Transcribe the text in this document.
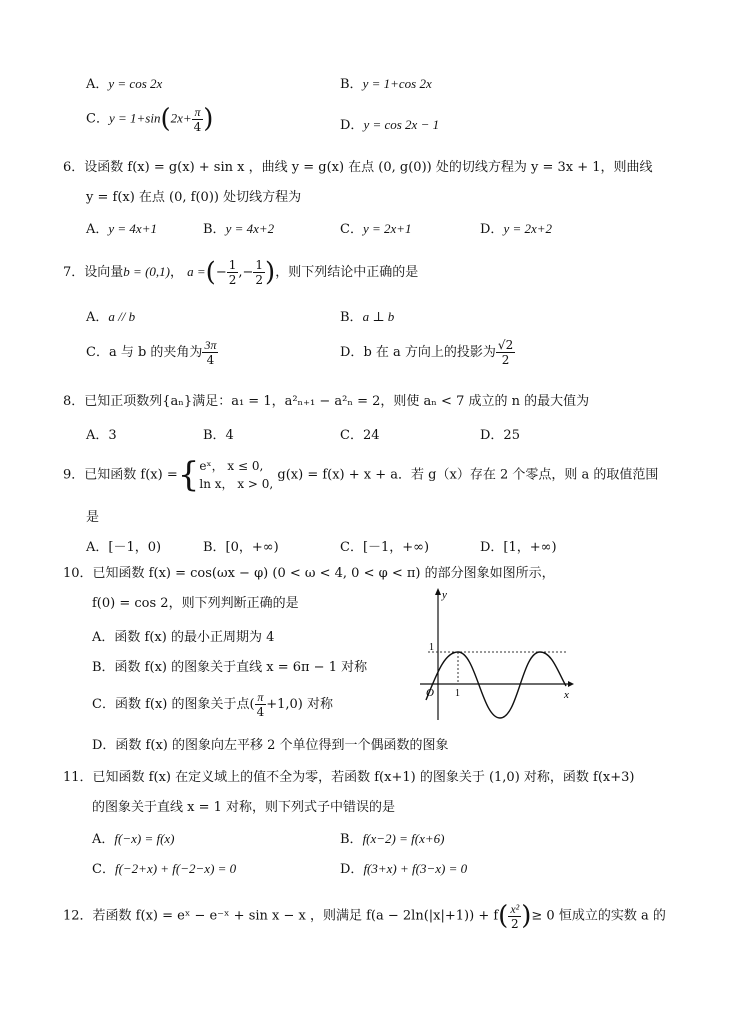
A．y = cos 2x	B．y = 1+cos 2x
C．$y = 1+\sin(2x+ \frac{\pi}{4}$ )	D．y = cos 2x − 1
6．设函数 f(x) = g(x) + sin x ，曲线 y = g(x) 在点 (0, g(0)) 处的切线方程为 y = 3x + 1，则曲线
y = f(x) 在点 (0, f(0)) 处切线方程为
A．y = 4x+1	B．y = 4x+2	C．y = 2x+1	D．y = 2x+2
7．设向量b = (0,1)， a =(− $\frac{1}{2}$ ,− $\frac{1}{2}$ )，则下列结论中正确的是
A．a // b	B．a ⊥ b
C．a 与 b 的夹角为 $\frac{3\pi}{4}$	D．b 在 a 方向上的投影为 $\frac{√2}{2}$
8．已知正项数列{aₙ}满足：a₁ = 1，a²ₙ₊₁ − a²ₙ = 2，则使 aₙ < 7 成立的 n 的最大值为
A．3	B．4	C．24	D．25
9．已知函数 f(x) ={ eˣ， x ≤ 0,
ln x， x > 0,
g(x) = f(x) + x + a．若 g（x）存在 2 个零点，则 a 的取值范围
是
A．[－1，0)	B．[0，+∞)	C．[－1，+∞)	D．[1，+∞)
10．已知函数 f(x) = cos(ωx − φ) (0 < ω < 4, 0 < φ < π) 的部分图象如图所示，
f(0) = cos 2，则下列判断正确的是
A．函数 f(x) 的最小正周期为 4
B．函数 f(x) 的图象关于直线 x = 6π − 1 对称
C．函数 f(x) 的图象关于点( $\frac{\pi}{4} +1,0$) 对称
D．函数 f(x) 的图象向左平移 2 个单位得到一个偶函数的图象
y
x
O
1
1
11．已知函数 f(x) 在定义域上的值不全为零，若函数 f(x+1) 的图象关于 (1,0) 对称，函数 f(x+3)
的图象关于直线 x = 1 对称，则下列式子中错误的是
A．f(−x) = f(x)	B．f(x−2) = f(x+6)
C．f(−2+x) + f(−2−x) = 0	D．f(3+x) + f(3−x) = 0
12．若函数 f(x) = eˣ − e⁻ˣ + sin x − x ，则满足 $f(a - 2\ln(|x|+1)) + f( \frac{\text{x²}}{2}$ )≥ 0 恒成立的实数 a 的
